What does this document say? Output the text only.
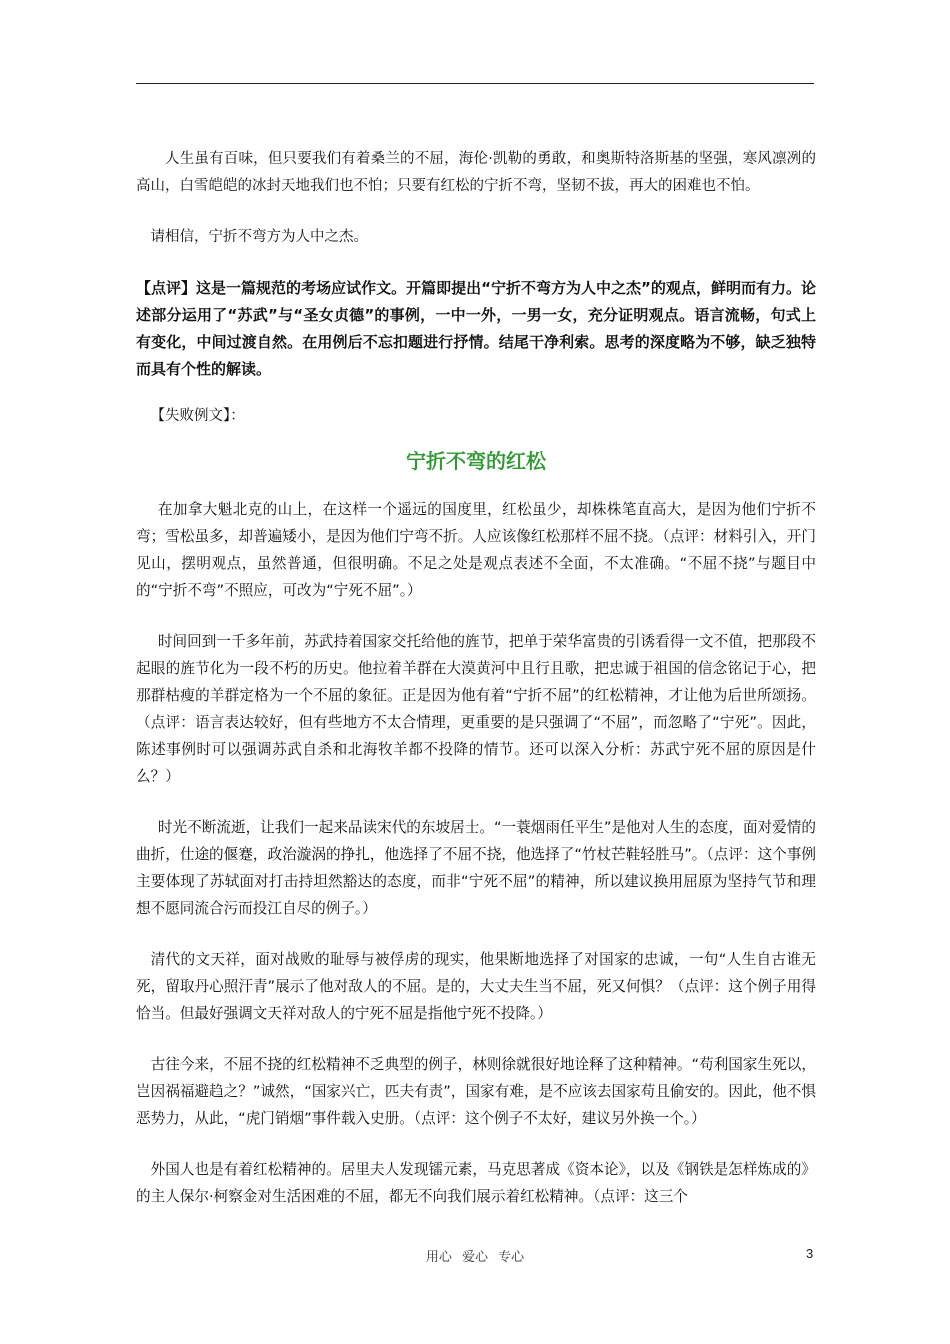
人生虽有百味，但只要我们有着桑兰的不屈，海伦·凯勒的勇敢，和奥斯特洛斯基的坚强，寒风凛冽的高山，白雪皑皑的冰封天地我们也不怕；只要有红松的宁折不弯，坚韧不拔，再大的困难也不怕。

请相信，宁折不弯方为人中之杰。

【点评】这是一篇规范的考场应试作文。开篇即提出“宁折不弯方为人中之杰”的观点，鲜明而有力。论述部分运用了“苏武”与“圣女贞德”的事例，一中一外，一男一女，充分证明观点。语言流畅，句式上有变化，中间过渡自然。在用例后不忘扣题进行抒情。结尾干净利索。思考的深度略为不够，缺乏独特而具有个性的解读。

【失败例文】：

宁折不弯的红松

在加拿大魁北克的山上，在这样一个遥远的国度里，红松虽少，却株株笔直高大，是因为他们宁折不弯；雪松虽多，却普遍矮小，是因为他们宁弯不折。人应该像红松那样不屈不挠。（点评：材料引入，开门见山，摆明观点，虽然普通，但很明确。不足之处是观点表述不全面，不太准确。“不屈不挠”与题目中的“宁折不弯”不照应，可改为“宁死不屈”。）

时间回到一千多年前，苏武持着国家交托给他的旌节，把单于荣华富贵的引诱看得一文不值，把那段不起眼的旌节化为一段不朽的历史。他拉着羊群在大漠黄河中且行且歌，把忠诚于祖国的信念铭记于心，把那群枯瘦的羊群定格为一个不屈的象征。正是因为他有着“宁折不屈”的红松精神，才让他为后世所颂扬。（点评：语言表达较好，但有些地方不太合情理，更重要的是只强调了“不屈”，而忽略了“宁死”。因此，陈述事例时可以强调苏武自杀和北海牧羊都不投降的情节。还可以深入分析：苏武宁死不屈的原因是什么？）

时光不断流逝，让我们一起来品读宋代的东坡居士。“一蓑烟雨任平生”是他对人生的态度，面对爱情的曲折，仕途的偃蹇，政治漩涡的挣扎，他选择了不屈不挠，他选择了“竹杖芒鞋轻胜马”。（点评：这个事例主要体现了苏轼面对打击持坦然豁达的态度，而非“宁死不屈”的精神，所以建议换用屈原为坚持气节和理想不愿同流合污而投江自尽的例子。）

清代的文天祥，面对战败的耻辱与被俘虏的现实，他果断地选择了对国家的忠诚，一句“人生自古谁无死，留取丹心照汗青”展示了他对敌人的不屈。是的，大丈夫生当不屈，死又何惧？（点评：这个例子用得恰当。但最好强调文天祥对敌人的宁死不屈是指他宁死不投降。）

古往今来，不屈不挠的红松精神不乏典型的例子，林则徐就很好地诠释了这种精神。“苟利国家生死以，岂因祸福避趋之？”诚然，“国家兴亡，匹夫有责”，国家有难，是不应该去国家苟且偷安的。因此，他不惧恶势力，从此，“虎门销烟”事件载入史册。（点评：这个例子不太好，建议另外换一个。）

外国人也是有着红松精神的。居里夫人发现镭元素，马克思著成《资本论》，以及《钢铁是怎样炼成的》的主人保尔·柯察金对生活困难的不屈，都无不向我们展示着红松精神。（点评：这三个

用心 爱心 专心	3
